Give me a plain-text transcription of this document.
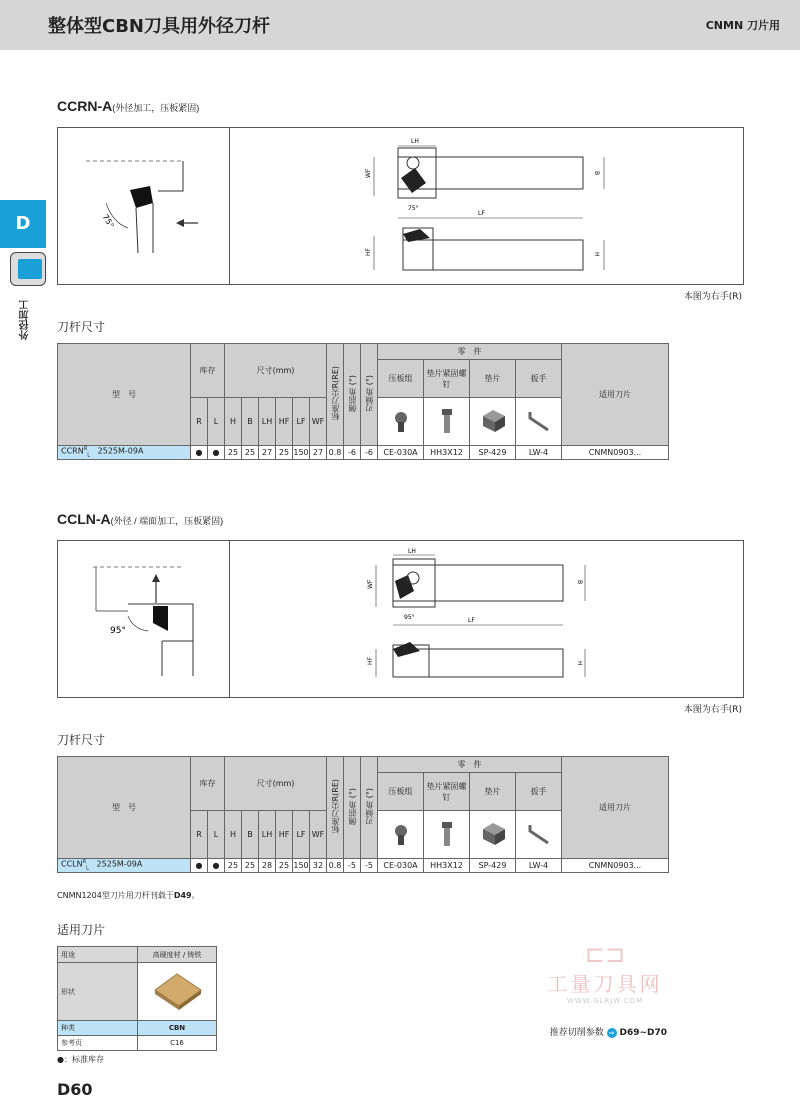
整体型CBN刀具用外径刀杆	CNMN 刀片用
D
外径加工
CCRN-A(外径加工，压板紧固)
75°
LH
WF	B
LF
75°
HF	H
本图为右手(R)
刀杆尺寸
型　号	库存		尺寸(mm)						标准刀尖R(RE)	侧前角 (°)	刃倾角 (°)	零　件				适用刀片
												压板组	垫片紧固螺钉	垫片	扳手	
	R	L	H	B	LH	HF	LF	WF				
$CCRN^R_L$ 2525M-09A	●	●	25	25	27	25	150	27	0.8	-6	-6	CE-030A	HH3X12	SP-429	LW-4	CNMN0903...
CCLN-A(外径 / 端面加工，压板紧固)
95°
LH
WF	B
LF
95°
HF	H
本图为右手(R)
刀杆尺寸
型　号	库存		尺寸(mm)						标准刀尖R(RE)	侧前角 (°)	刃倾角 (°)	零　件				适用刀片
												压板组	垫片紧固螺钉	垫片	扳手	
	R	L	H	B	LH	HF	LF	WF				
$CCLN^R_L$ 2525M-09A	●	●	25	25	28	25	150	32	0.8	-5	-5	CE-030A	HH3X12	SP-429	LW-4	CNMN0903...
CNMN1204型刀片用刀杆刊载于D49。
适用刀片
用途	高硬度材 / 铸铁
形状	
种类	CBN
参考页	C16
●：标准库存
⊏⊐
工量刀具网
WWW.GLRJW.COM
推荐切削参数 ⇒ D69~D70
D60
